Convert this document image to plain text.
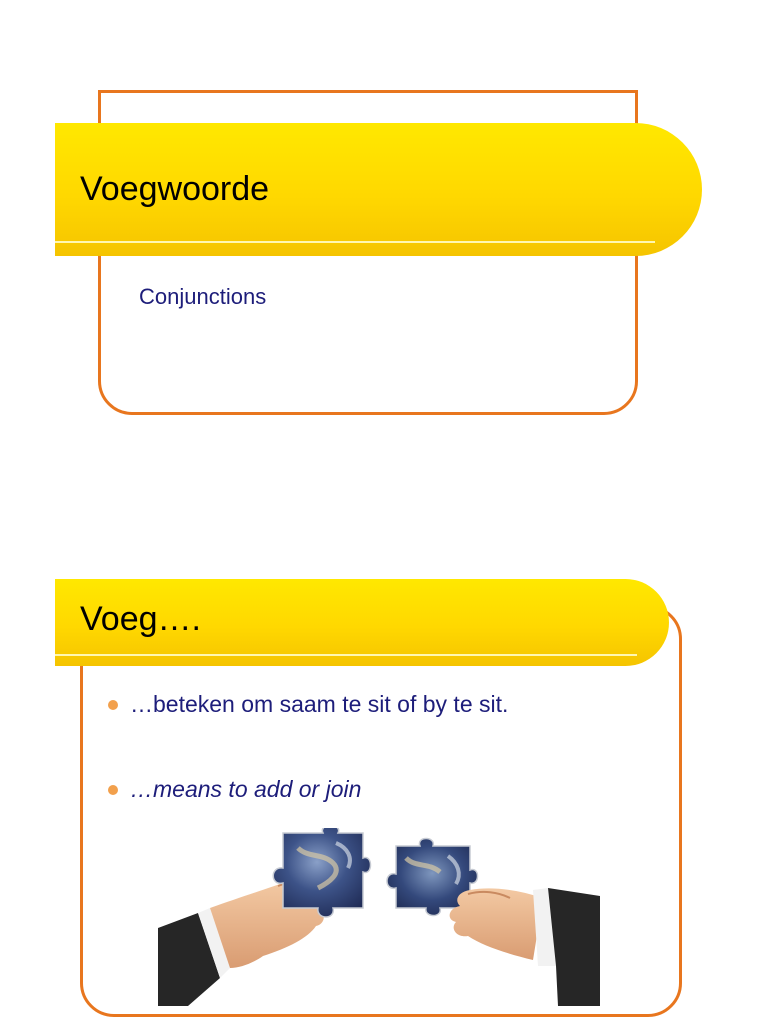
Voegwoorde
Conjunctions
Voeg….
…beteken om saam te sit of by te sit.
…means to add or join
